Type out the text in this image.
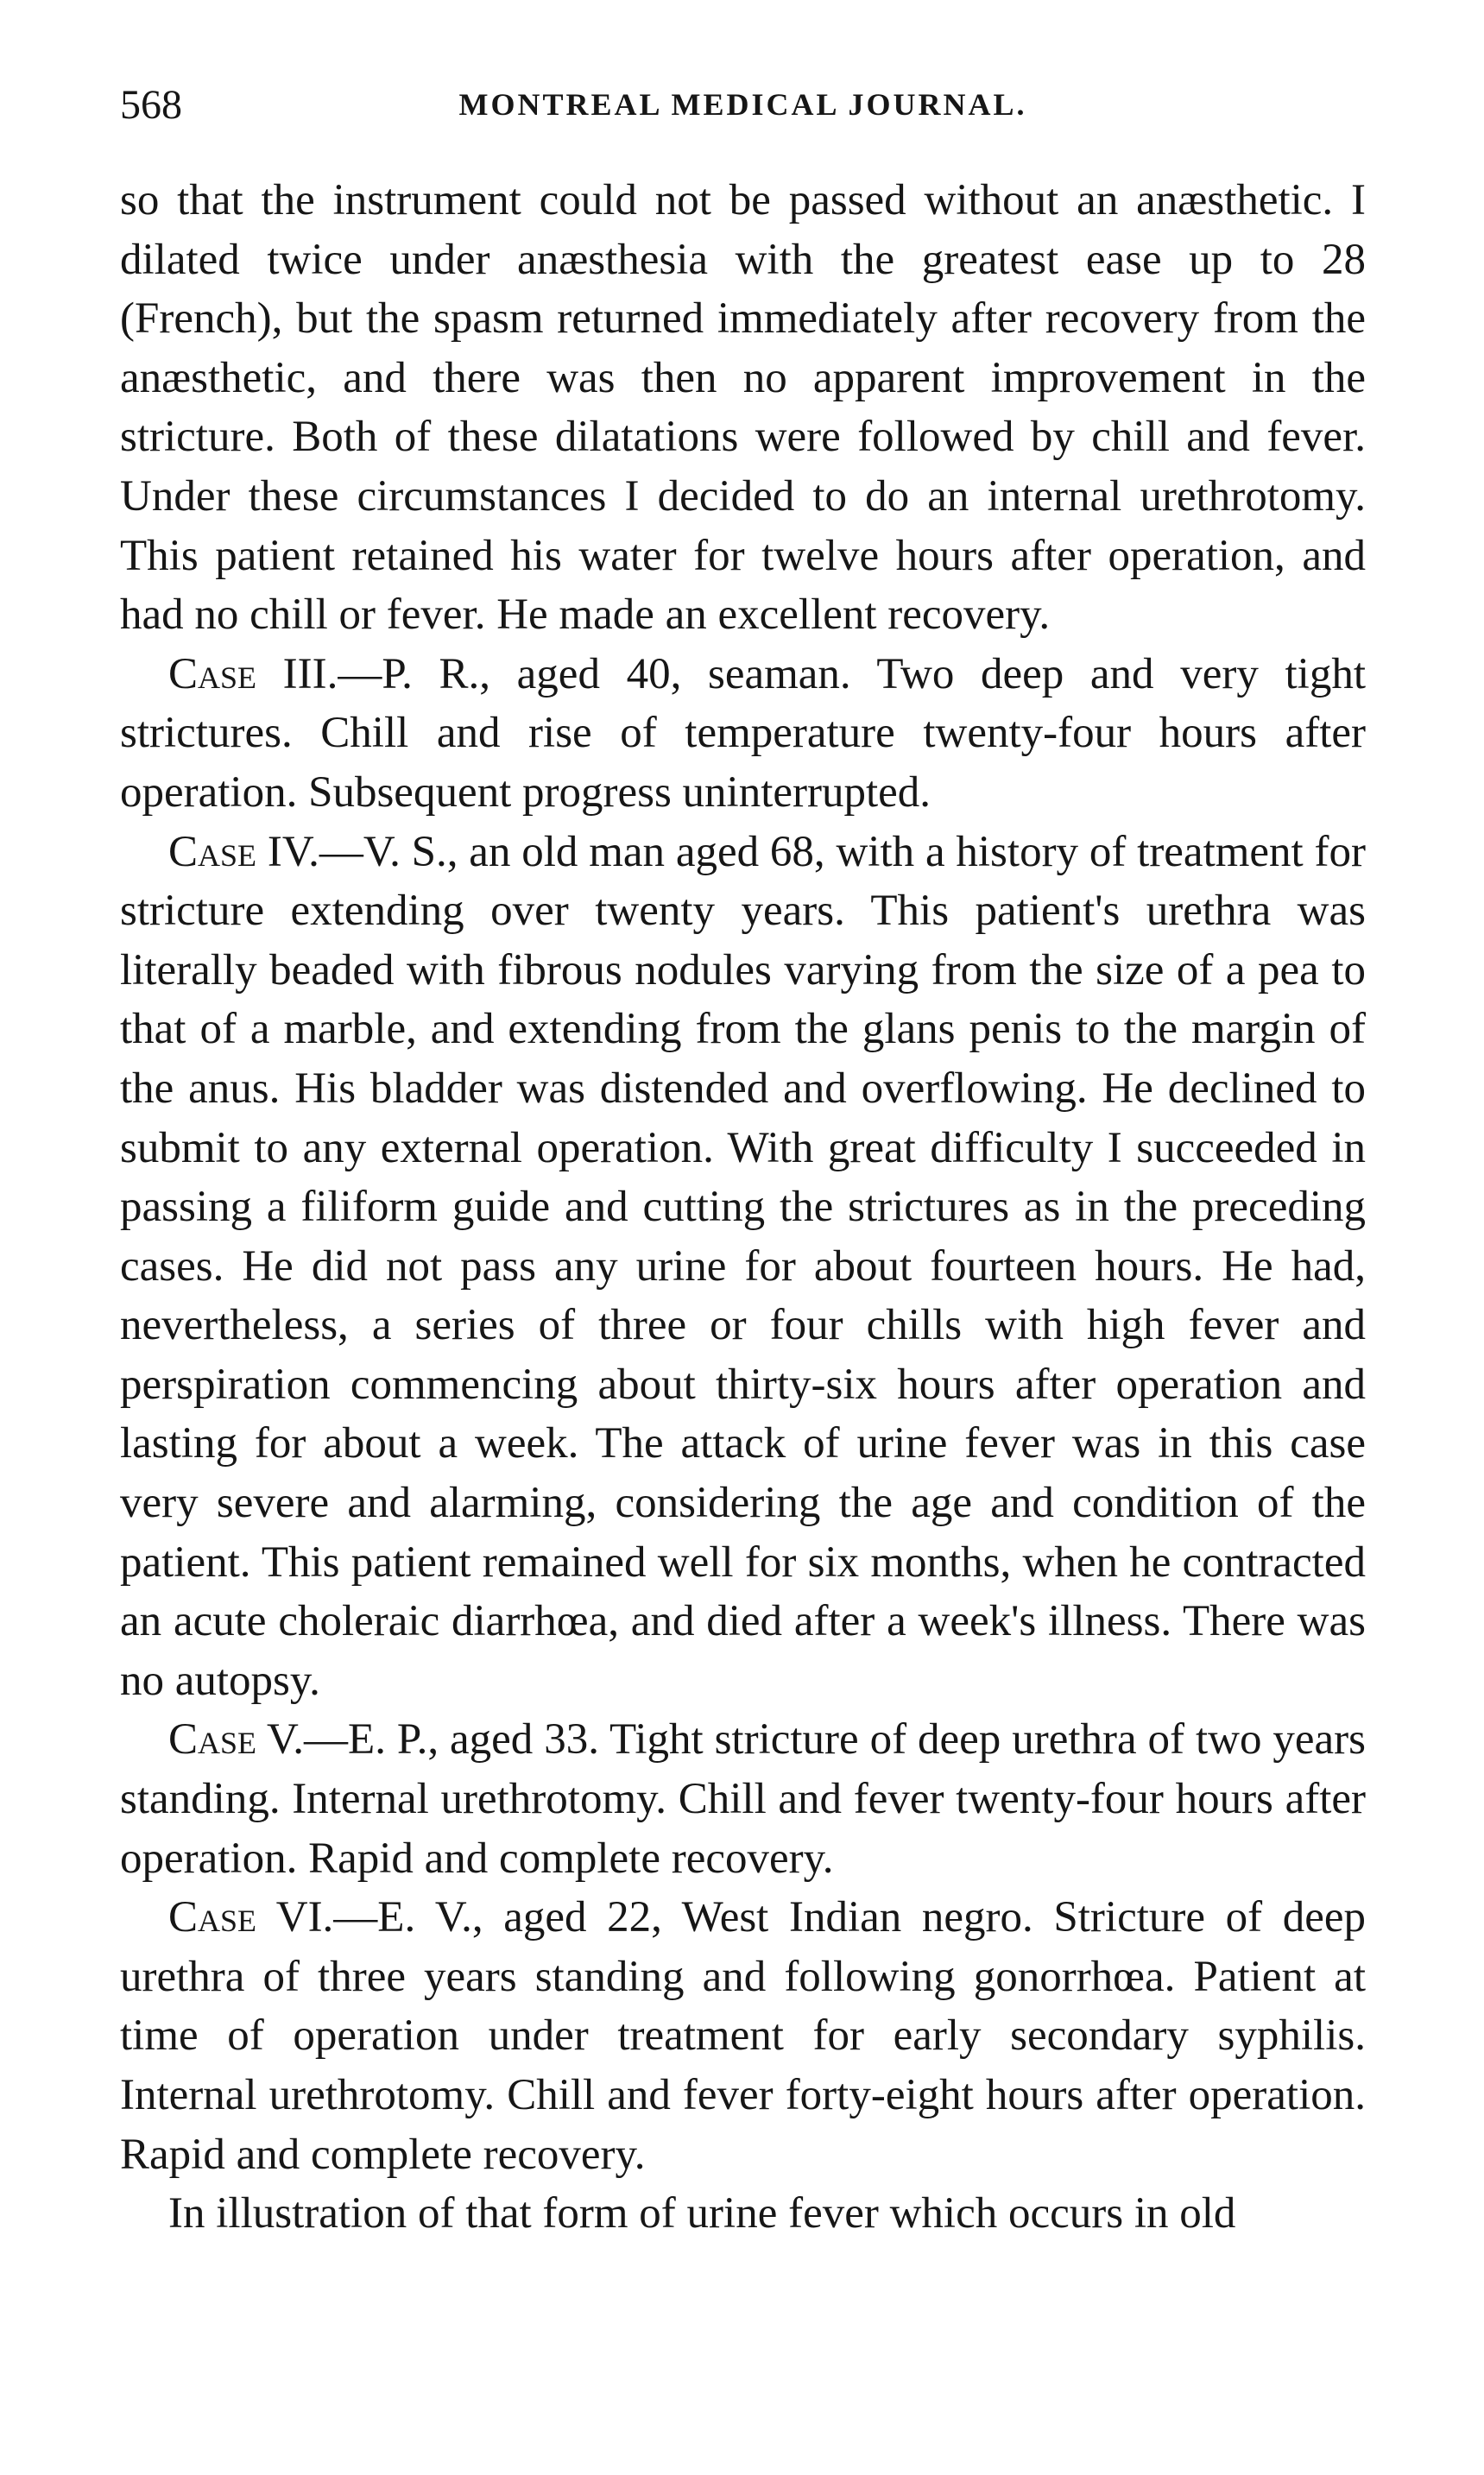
568	MONTREAL MEDICAL JOURNAL.

so that the instrument could not be passed without an anæsthetic. I dilated twice under anæsthesia with the greatest ease up to 28 (French), but the spasm returned immediately after recovery from the anæsthetic, and there was then no apparent improvement in the stricture. Both of these dilatations were followed by chill and fever. Under these circumstances I decided to do an internal urethrotomy. This patient retained his water for twelve hours after operation, and had no chill or fever. He made an excellent recovery.

Case III.—P. R., aged 40, seaman. Two deep and very tight strictures. Chill and rise of temperature twenty-four hours after operation. Subsequent progress uninterrupted.

Case IV.—V. S., an old man aged 68, with a history of treatment for stricture extending over twenty years. This patient's urethra was literally beaded with fibrous nodules varying from the size of a pea to that of a marble, and extending from the glans penis to the margin of the anus. His bladder was distended and overflowing. He declined to submit to any external operation. With great difficulty I succeeded in passing a filiform guide and cutting the strictures as in the preceding cases. He did not pass any urine for about fourteen hours. He had, nevertheless, a series of three or four chills with high fever and perspiration commencing about thirty-six hours after operation and lasting for about a week. The attack of urine fever was in this case very severe and alarming, considering the age and condition of the patient. This patient remained well for six months, when he contracted an acute choleraic diarrhœa, and died after a week's illness. There was no autopsy.

Case V.—E. P., aged 33. Tight stricture of deep urethra of two years standing. Internal urethrotomy. Chill and fever twenty-four hours after operation. Rapid and complete recovery.

Case VI.—E. V., aged 22, West Indian negro. Stricture of deep urethra of three years standing and following gonorrhœa. Patient at time of operation under treatment for early secondary syphilis. Internal urethrotomy. Chill and fever forty-eight hours after operation. Rapid and complete recovery.

In illustration of that form of urine fever which occurs in old
